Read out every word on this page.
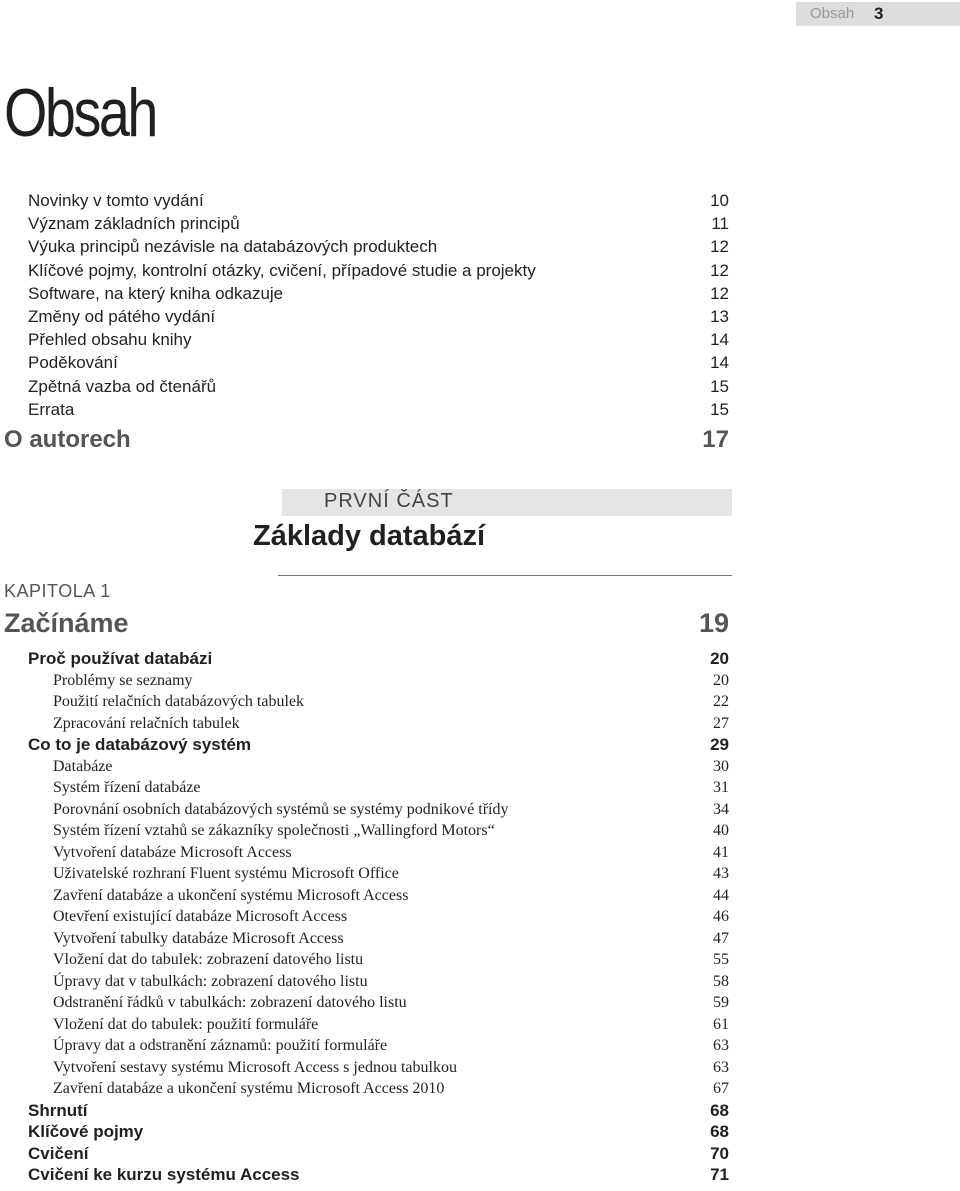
Obsah 3
Obsah
Novinky v tomto vydání	10
Význam základních principů	11
Výuka principů nezávisle na databázových produktech	12
Klíčové pojmy, kontrolní otázky, cvičení, případové studie a projekty	12
Software, na který kniha odkazuje	12
Změny od pátého vydání	13
Přehled obsahu knihy	14
Poděkování	14
Zpětná vazba od čtenářů	15
Errata	15
O autorech	17
PRVNÍ ČÁST
Základy databází
KAPITOLA 1
Začínáme	19
Proč používat databázi	20
Problémy se seznamy	20
Použití relačních databázových tabulek	22
Zpracování relačních tabulek	27
Co to je databázový systém	29
Databáze	30
Systém řízení databáze	31
Porovnání osobních databázových systémů se systémy podnikové třídy	34
Systém řízení vztahů se zákazníky společnosti „Wallingford Motors“	40
Vytvoření databáze Microsoft Access	41
Uživatelské rozhraní Fluent systému Microsoft Office	43
Zavření databáze a ukončení systému Microsoft Access	44
Otevření existující databáze Microsoft Access	46
Vytvoření tabulky databáze Microsoft Access	47
Vložení dat do tabulek: zobrazení datového listu	55
Úpravy dat v tabulkách: zobrazení datového listu	58
Odstranění řádků v tabulkách: zobrazení datového listu	59
Vložení dat do tabulek: použití formuláře	61
Úpravy dat a odstranění záznamů: použití formuláře	63
Vytvoření sestavy systému Microsoft Access s jednou tabulkou	63
Zavření databáze a ukončení systému Microsoft Access 2010	67
Shrnutí	68
Klíčové pojmy	68
Cvičení	70
Cvičení ke kurzu systému Access	71
